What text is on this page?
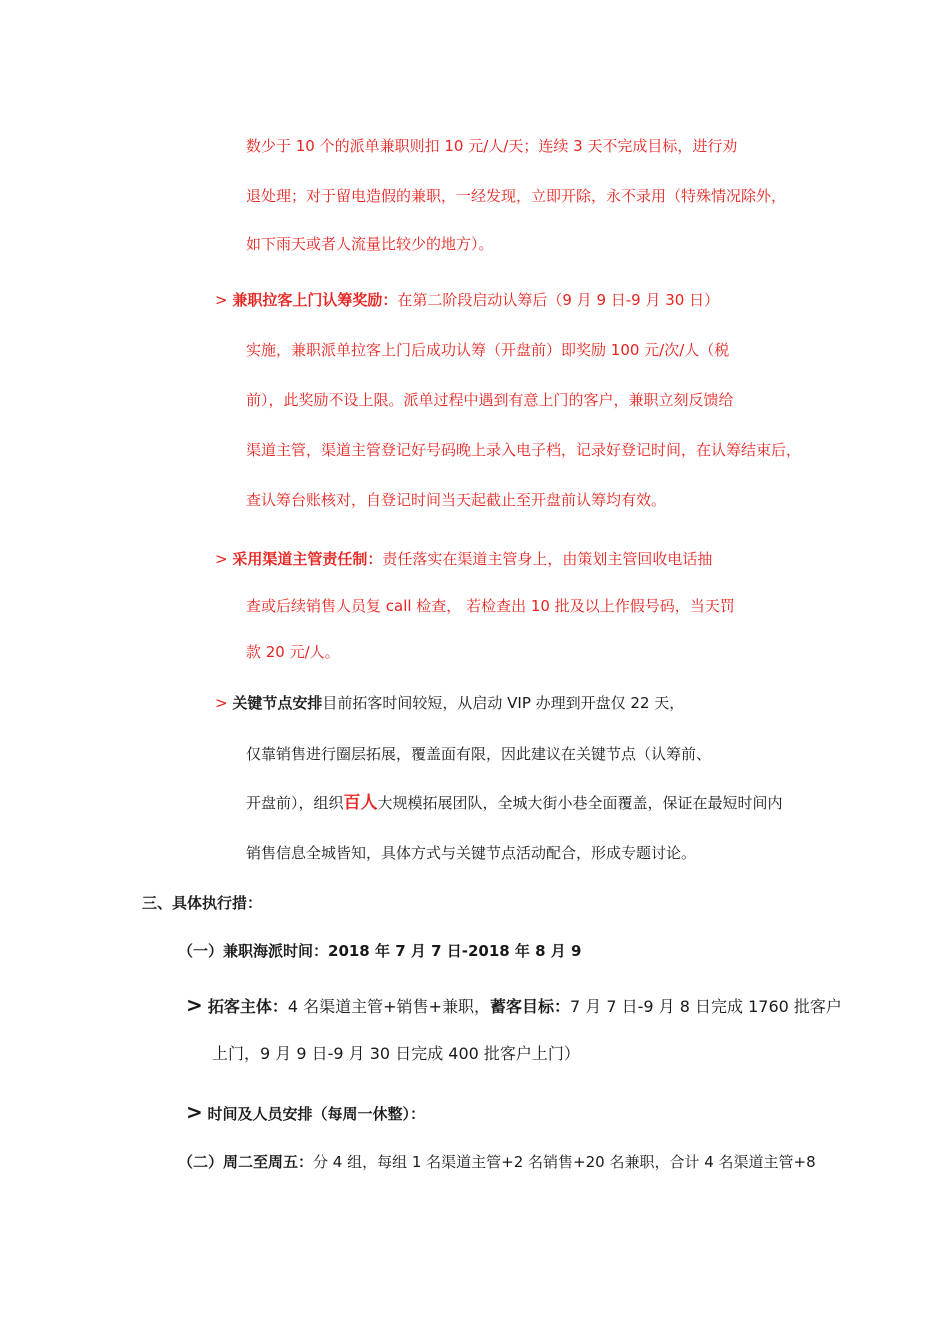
数少于 10 个的派单兼职则扣 10 元/人/天；连续 3 天不完成目标，进行劝
退处理；对于留电造假的兼职，一经发现，立即开除，永不录用（特殊情况除外，
如下雨天或者人流量比较少的地方）。
> 兼职拉客上门认筹奖励：在第二阶段启动认筹后（9 月 9 日-9 月 30 日）
实施，兼职派单拉客上门后成功认筹（开盘前）即奖励 100 元/次/人（税
前），此奖励不设上限。派单过程中遇到有意上门的客户，兼职立刻反馈给
渠道主管，渠道主管登记好号码晚上录入电子档，记录好登记时间，在认筹结束后，
查认筹台账核对，自登记时间当天起截止至开盘前认筹均有效。
> 采用渠道主管责任制：责任落实在渠道主管身上，由策划主管回收电话抽
查或后续销售人员复 call 检查， 若检查出 10 批及以上作假号码，当天罚
款 20 元/人。
> 关键节点安排目前拓客时间较短，从启动 VIP 办理到开盘仅 22 天，
仅靠销售进行圈层拓展，覆盖面有限，因此建议在关键节点（认筹前、
开盘前），组织百人大规模拓展团队，全城大街小巷全面覆盖，保证在最短时间内
销售信息全城皆知，具体方式与关键节点活动配合，形成专题讨论。
三、具体执行措：
（一）兼职海派时间：2018 年 7 月 7 日-2018 年 8 月 9
> 拓客主体：4 名渠道主管+销售+兼职，蓄客目标：7 月 7 日-9 月 8 日完成 1760 批客户
上门，9 月 9 日-9 月 30 日完成 400 批客户上门）
> 时间及人员安排（每周一休整）：
（二）周二至周五：分 4 组，每组 1 名渠道主管+2 名销售+20 名兼职，合计 4 名渠道主管+8
